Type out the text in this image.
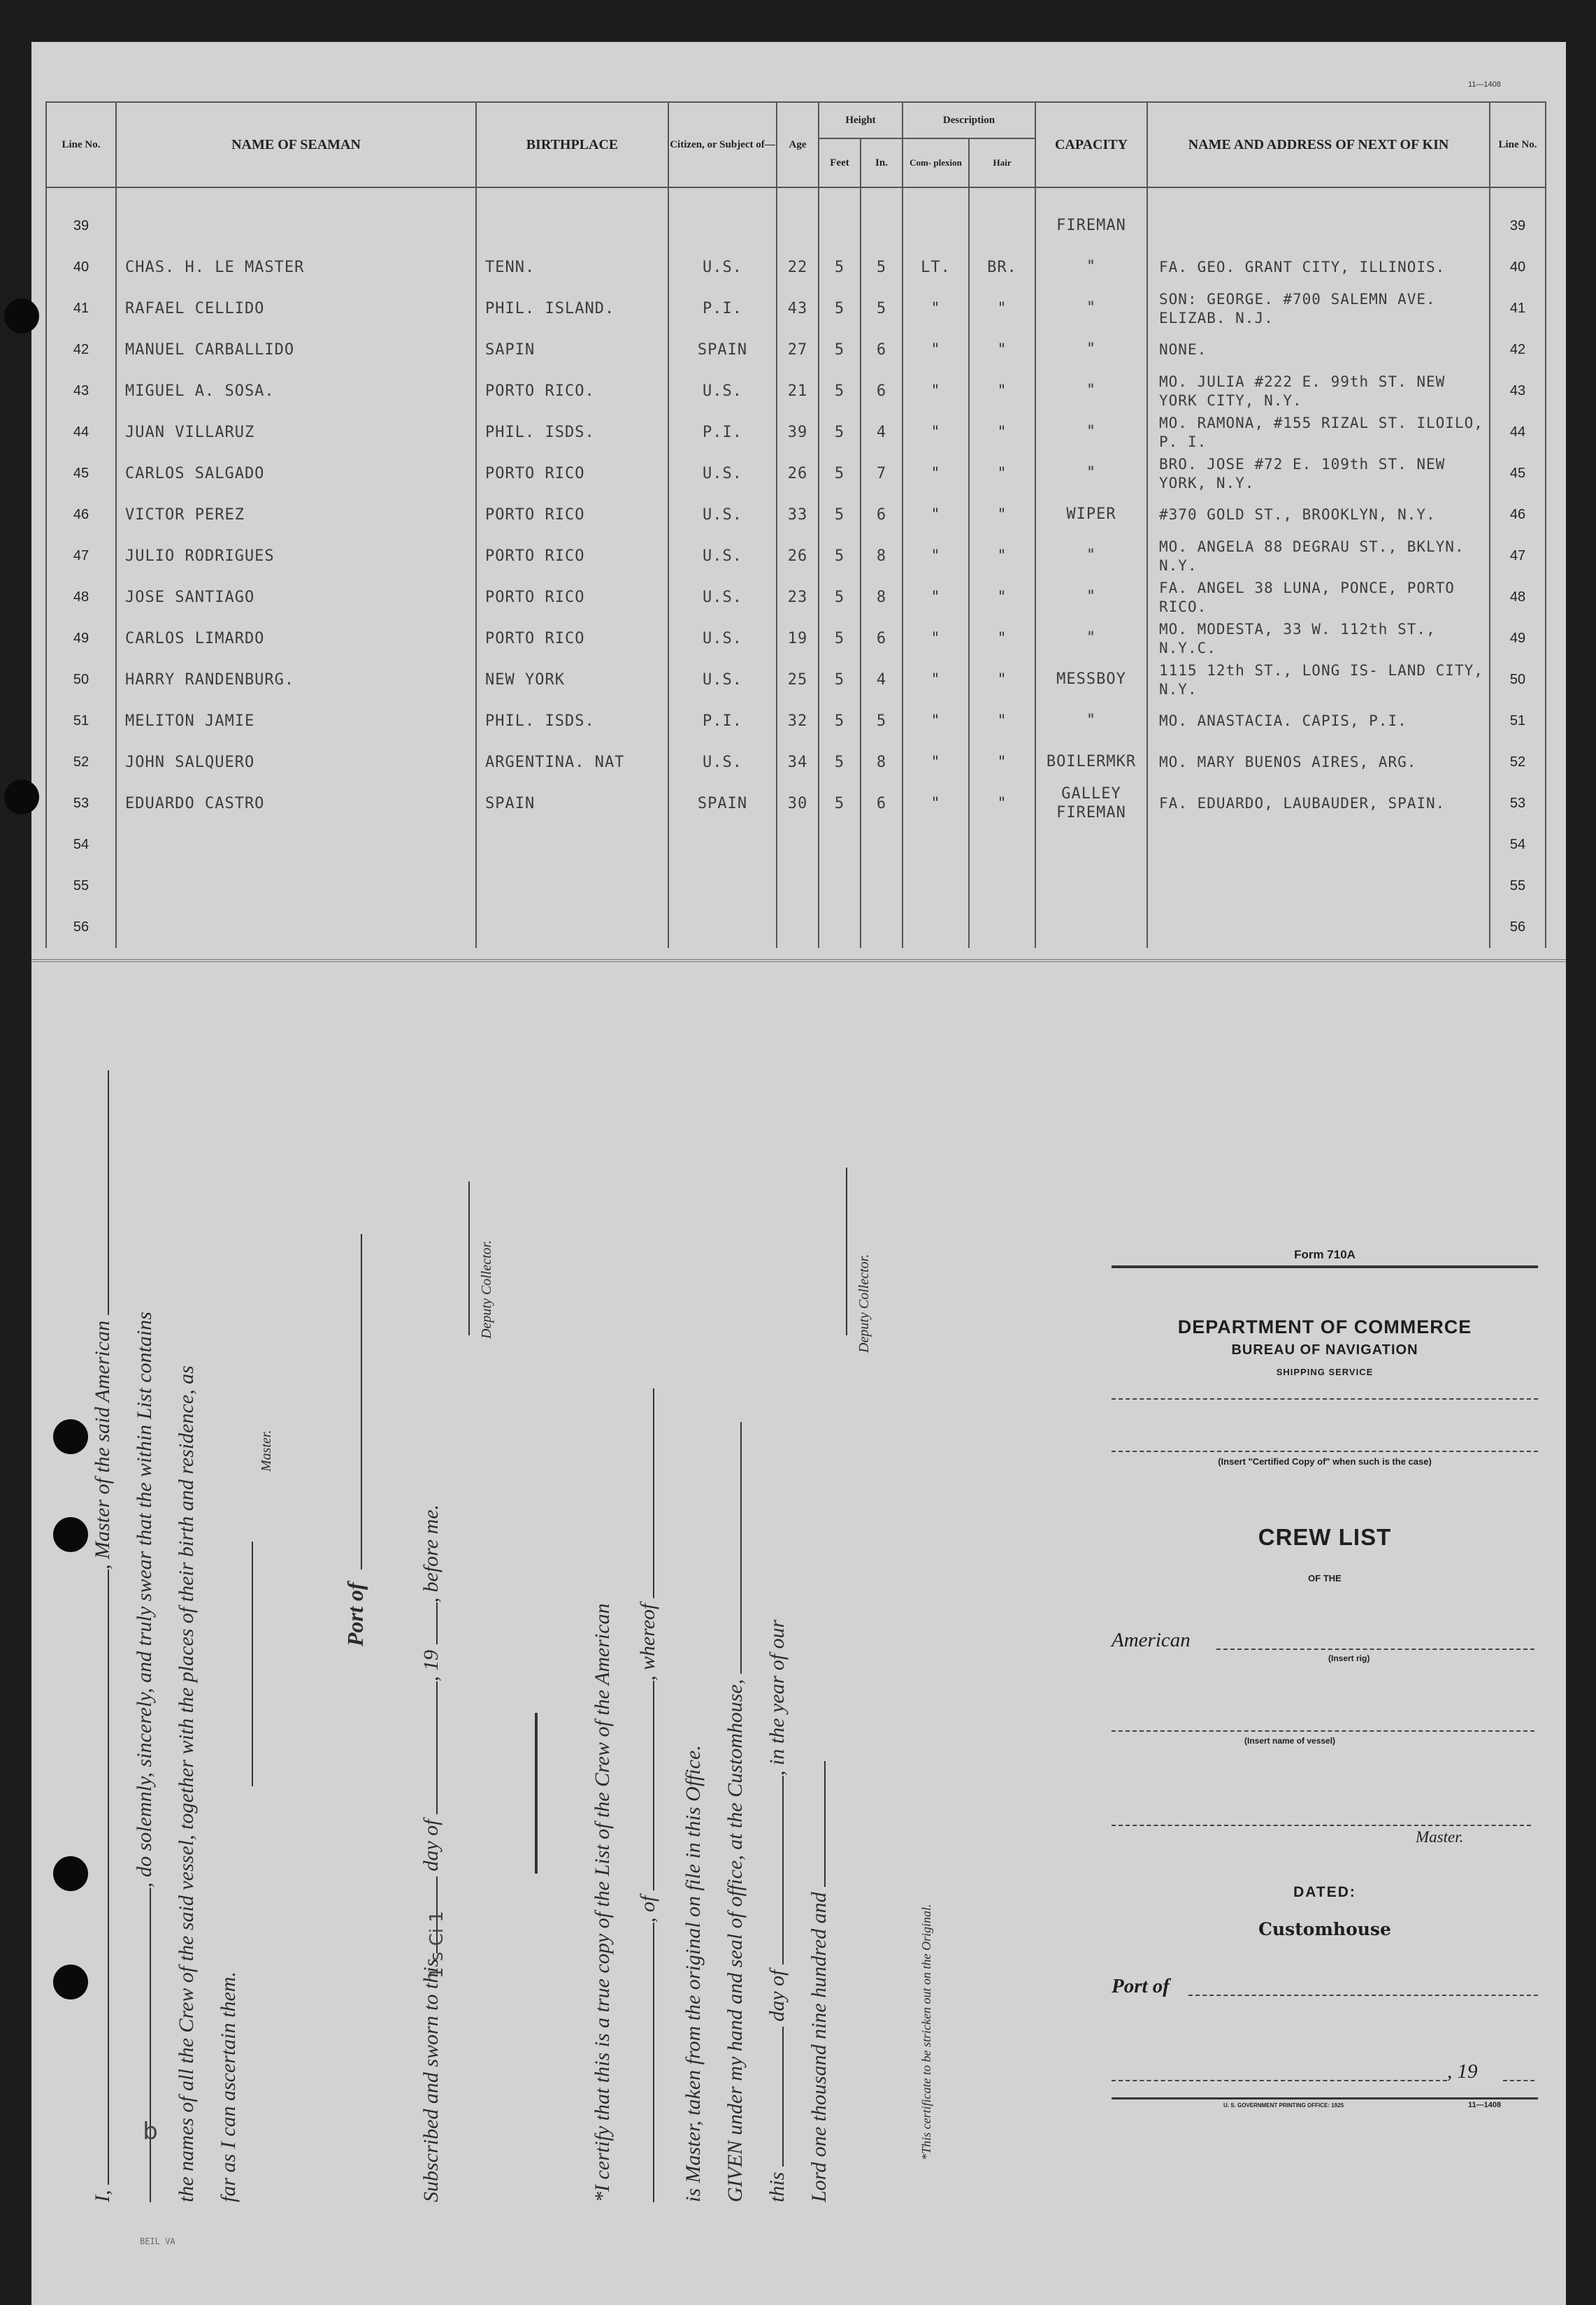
11—1408
Line No.	NAME OF SEAMAN	BIRTHPLACE	Citizen, or Subject of—	Age	Height		Description		CAPACITY	NAME AND ADDRESS OF NEXT OF KIN	Line No.
					Feet	In.	Com- plexion	Hair			

39									FIREMAN		39
40	CHAS. H. LE MASTER	TENN.	U.S.	22	5	5	LT.	BR.	"	FA. GEO. GRANT CITY, ILLINOIS.	40
41	RAFAEL CELLIDO	PHIL. ISLAND.	P.I.	43	5	5	"	"	"	SON: GEORGE. #700 SALEMN AVE. ELIZAB. N.J.	41
42	MANUEL CARBALLIDO	SAPIN	SPAIN	27	5	6	"	"	"	NONE.	42
43	MIGUEL A. SOSA.	PORTO RICO.	U.S.	21	5	6	"	"	"	MO. JULIA #222 E. 99th ST. NEW YORK CITY, N.Y.	43
44	JUAN VILLARUZ	PHIL. ISDS.	P.I.	39	5	4	"	"	"	MO. RAMONA, #155 RIZAL ST. ILOILO, P. I.	44
45	CARLOS SALGADO	PORTO RICO	U.S.	26	5	7	"	"	"	BRO. JOSE #72 E. 109th ST. NEW YORK, N.Y.	45
46	VICTOR PEREZ	PORTO RICO	U.S.	33	5	6	"	"	WIPER	#370 GOLD ST., BROOKLYN, N.Y.	46
47	JULIO RODRIGUES	PORTO RICO	U.S.	26	5	8	"	"	"	MO. ANGELA 88 DEGRAU ST., BKLYN. N.Y.	47
48	JOSE SANTIAGO	PORTO RICO	U.S.	23	5	8	"	"	"	FA. ANGEL 38 LUNA, PONCE, PORTO RICO.	48
49	CARLOS LIMARDO	PORTO RICO	U.S.	19	5	6	"	"	"	MO. MODESTA, 33 W. 112th ST., N.Y.C.	49
50	HARRY RANDENBURG.	NEW YORK	U.S.	25	5	4	"	"	MESSBOY	1115 12th ST., LONG IS- LAND CITY, N.Y.	50
51	MELITON JAMIE	PHIL. ISDS.	P.I.	32	5	5	"	"	"	MO. ANASTACIA. CAPIS, P.I.	51
52	JOHN SALQUERO	ARGENTINA. NAT	U.S.	34	5	8	"	"	BOILERMKR	MO. MARY BUENOS AIRES, ARG.	52
53	EDUARDO CASTRO	SPAIN	SPAIN	30	5	6	"	"	GALLEY FIREMAN	FA. EDUARDO, LAUBAUDER, SPAIN.	53
54											54
55											55
56											56
I, , Master of the said American , do solemnly, sincerely, and truly swear that the within List contains the names of all the Crew of the said vessel, together with the places of their birth and residence, as far as I can ascertain them.
Master.
Port of
Subscribed and sworn to this  day of , 19 , before me.
Deputy Collector.
*I certify that this is a true copy of the List of the Crew of the American , of , whereof
is Master, taken from the original on file in this Office. GIVEN under my hand and seal of office, at the Customhouse, this  day of , in the year of our
Lord one thousand nine hundred and
Deputy Collector.
*This certificate to be stricken out on the Original.
b
1 s Ci 1
BEIL VA
Form 710A
DEPARTMENT OF COMMERCE
BUREAU OF NAVIGATION
SHIPPING SERVICE
(Insert "Certified Copy of" when such is the case)
CREW LIST
OF THE
American
(Insert rig)
(Insert name of vessel)
Master.
DATED:
Customhouse
Port of
, 19
U. S. GOVERNMENT PRINTING OFFICE: 1925	11—1408
